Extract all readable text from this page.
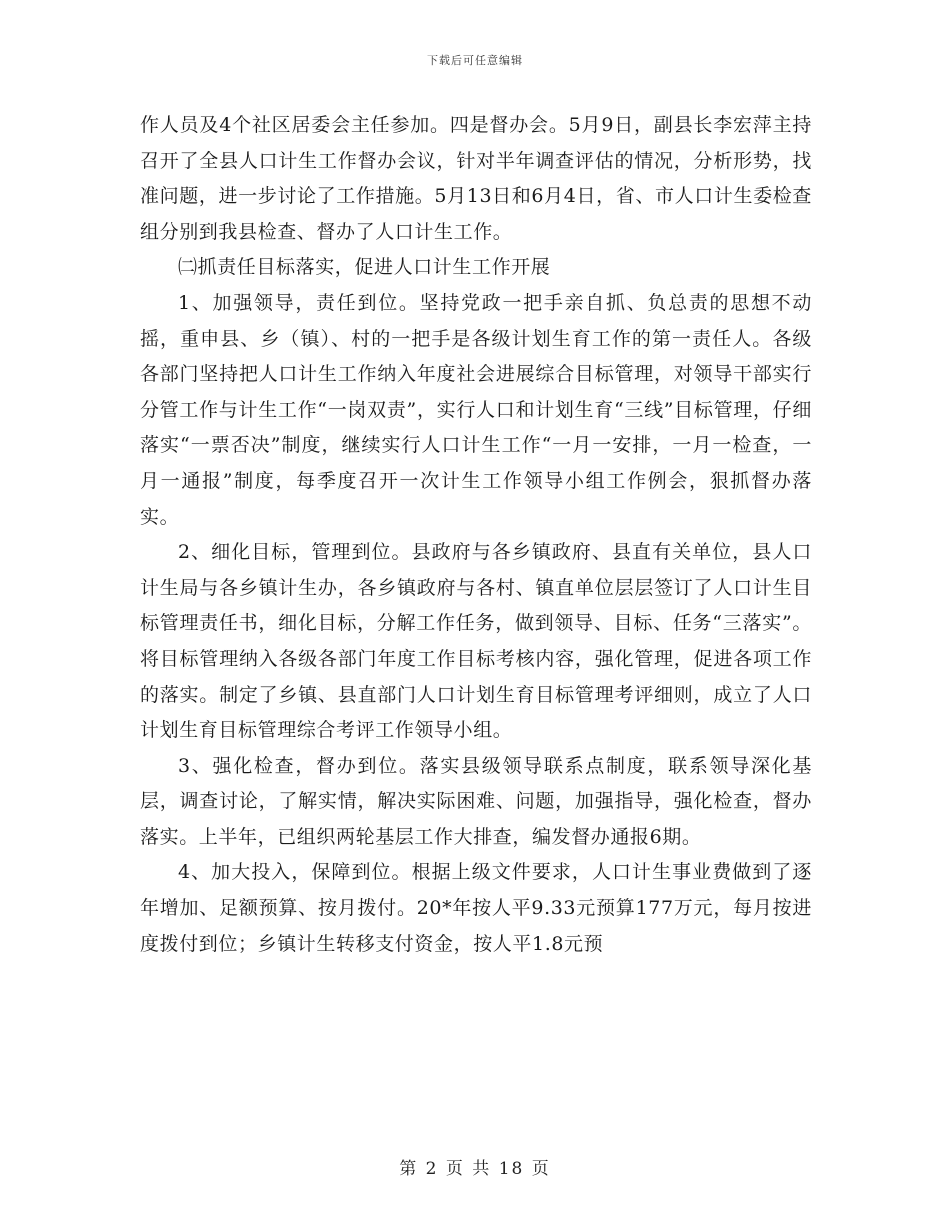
下载后可任意编辑

作人员及4个社区居委会主任参加。四是督办会。5月9日，副县长李宏萍主持召开了全县人口计生工作督办会议，针对半年调查评估的情况，分析形势，找准问题，进一步讨论了工作措施。5月13日和6月4日，省、市人口计生委检查组分别到我县检查、督办了人口计生工作。

㈡抓责任目标落实，促进人口计生工作开展

1、加强领导，责任到位。坚持党政一把手亲自抓、负总责的思想不动摇，重申县、乡（镇）、村的一把手是各级计划生育工作的第一责任人。各级各部门坚持把人口计生工作纳入年度社会进展综合目标管理，对领导干部实行分管工作与计生工作“一岗双责”，实行人口和计划生育“三线”目标管理，仔细落实“一票否决”制度，继续实行人口计生工作“一月一安排，一月一检查，一月一通报”制度，每季度召开一次计生工作领导小组工作例会，狠抓督办落实。

2、细化目标，管理到位。县政府与各乡镇政府、县直有关单位，县人口计生局与各乡镇计生办，各乡镇政府与各村、镇直单位层层签订了人口计生目标管理责任书，细化目标，分解工作任务，做到领导、目标、任务“三落实”。将目标管理纳入各级各部门年度工作目标考核内容，强化管理，促进各项工作的落实。制定了乡镇、县直部门人口计划生育目标管理考评细则，成立了人口计划生育目标管理综合考评工作领导小组。

3、强化检查，督办到位。落实县级领导联系点制度，联系领导深化基层，调查讨论，了解实情，解决实际困难、问题，加强指导，强化检查，督办落实。上半年，已组织两轮基层工作大排查，编发督办通报6期。

4、加大投入，保障到位。根据上级文件要求，人口计生事业费做到了逐年增加、足额预算、按月拨付。20*年按人平9.33元预算177万元，每月按进度拨付到位；乡镇计生转移支付资金，按人平1.8元预

第 2 页 共 18 页
